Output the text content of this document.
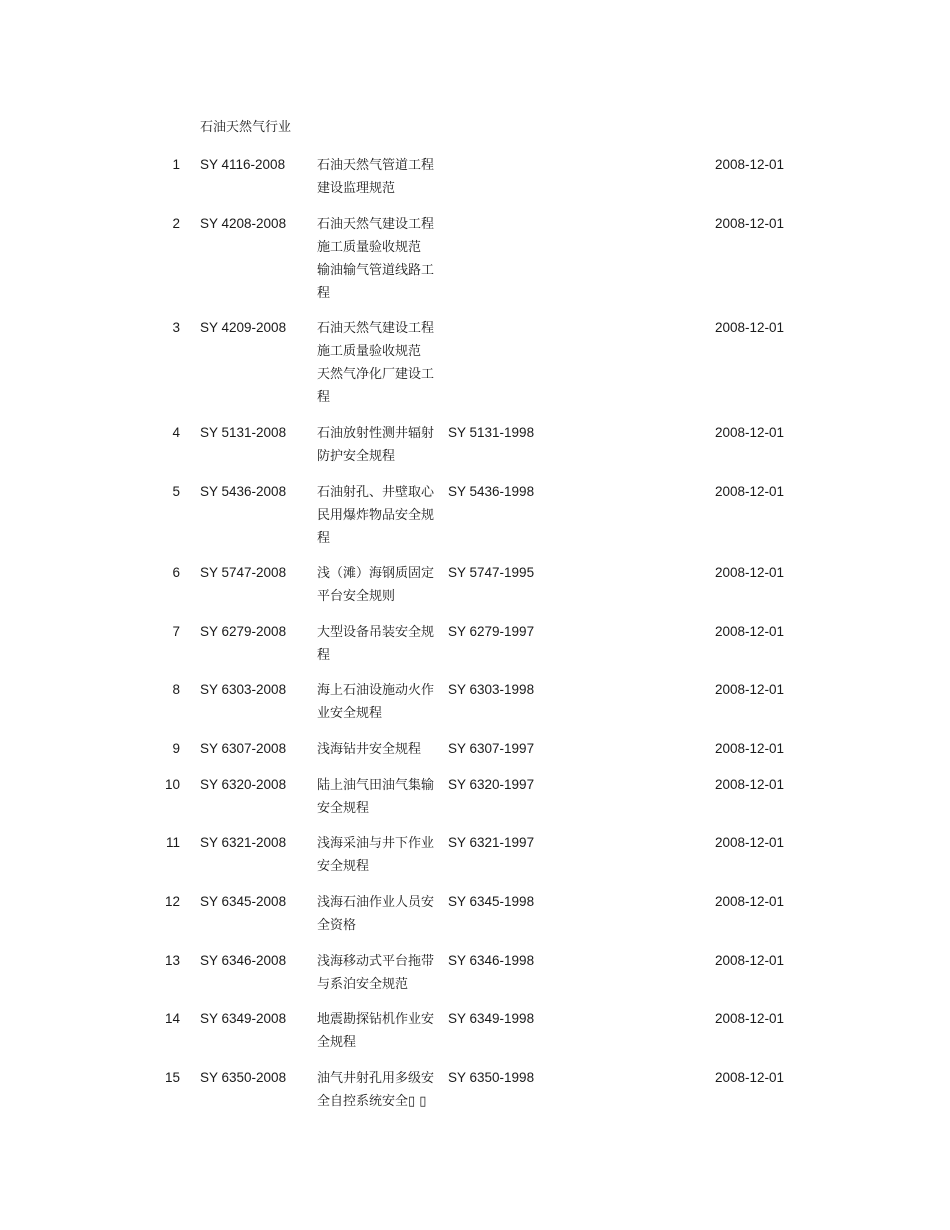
石油天然气行业
1 SY 4116-2008 石油天然气管道工程
建设监理规范
2008-12-01
2 SY 4208-2008 石油天然气建设工程
施工质量验收规范
输油输气管道线路工
程
2008-12-01
3 SY 4209-2008 石油天然气建设工程
施工质量验收规范
天然气净化厂建设工
程
2008-12-01
4 SY 5131-2008 石油放射性测井辐射
防护安全规程
SY 5131-1998	2008-12-01
5 SY 5436-2008 石油射孔、井壁取心
民用爆炸物品安全规
程
SY 5436-1998	2008-12-01
6 SY 5747-2008 浅（滩）海钢质固定
平台安全规则
SY 5747-1995	2008-12-01
7 SY 6279-2008 大型设备吊装安全规
程
SY 6279-1997	2008-12-01
8 SY 6303-2008 海上石油设施动火作
业安全规程
SY 6303-1998	2008-12-01
9 SY 6307-2008 浅海钻井安全规程	SY 6307-1997	2008-12-01
10 SY 6320-2008 陆上油气田油气集输
安全规程
SY 6320-1997	2008-12-01
11 SY 6321-2008 浅海采油与井下作业
安全规程
SY 6321-1997	2008-12-01
12 SY 6345-2008 浅海石油作业人员安
全资格
SY 6345-1998	2008-12-01
13 SY 6346-2008 浅海移动式平台拖带
与系泊安全规范
SY 6346-1998	2008-12-01
14 SY 6349-2008 地震勘探钻机作业安
全规程
SY 6349-1998	2008-12-01
15 SY 6350-2008 油气井射孔用多级安
全自控系统安全▯ ▯
SY 6350-1998	2008-12-01
